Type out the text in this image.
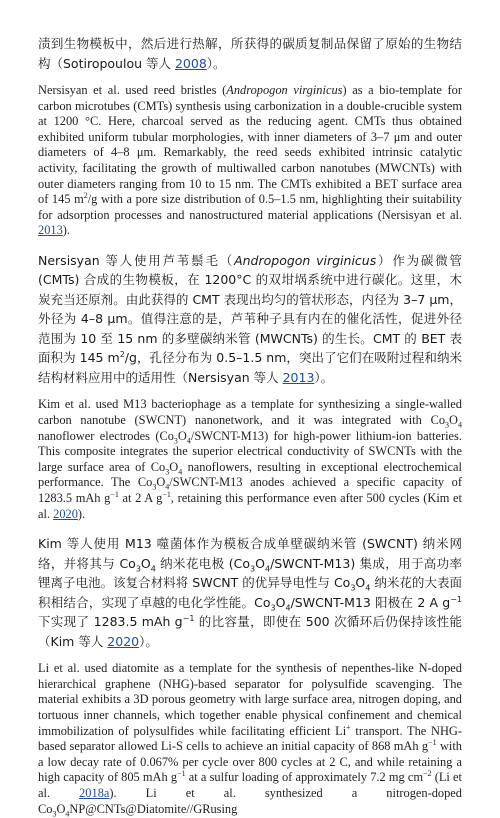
渍到生物模板中，然后进行热解，所获得的碳质复制品保留了原始的生物结构（Sotiropoulou 等人 2008）。

Nersisyan et al. used reed bristles (Andropogon virginicus) as a bio-template for carbon microtubes (CMTs) synthesis using carbonization in a double-crucible system at 1200 °C. Here, charcoal served as the reducing agent. CMTs thus obtained exhibited uniform tubular morphologies, with inner diameters of 3–7 μm and outer diameters of 4–8 μm. Remarkably, the reed seeds exhibited intrinsic catalytic activity, facilitating the growth of multiwalled carbon nanotubes (MWCNTs) with outer diameters ranging from 10 to 15 nm. The CMTs exhibited a BET surface area of 145 $m^2/g$ with a pore size distribution of 0.5–1.5 nm, highlighting their suitability for adsorption processes and nanostructured material applications (Nersisyan et al. 2013).

Nersisyan 等人使用芦苇鬃毛（Andropogon virginicus）作为碳微管 (CMTs) 合成的生物模板，在 1200°C 的双坩埚系统中进行碳化。这里，木炭充当还原剂。由此获得的 CMT 表现出均匀的管状形态，内径为 3–7 μm，外径为 4–8 μm。值得注意的是，芦苇种子具有内在的催化活性，促进外径范围为 10 至 15 nm 的多壁碳纳米管 (MWCNTs) 的生长。CMT 的 BET 表面积为 145 $m^2/g$，孔径分布为 0.5–1.5 nm，突出了它们在吸附过程和纳米结构材料应用中的适用性（Nersisyan 等人 2013）。

Kim et al. used M13 bacteriophage as a template for synthesizing a single-walled carbon nanotube (SWCNT) nanonetwork, and it was integrated with $Co_3O_4$ nanoflower electrodes $(Co_3O_4/SWCNT-M13)$ for high-power lithium-ion batteries. This composite integrates the superior electrical conductivity of SWCNTs with the large surface area of $Co_3O_4$ nanoflowers, resulting in exceptional electrochemical performance. The $Co_3O_4/SWCNT-M13$ anodes achieved a specific capacity of 1283.5 mAh $g^{-1}$ at 2 A $g^{-1}$, retaining this performance even after 500 cycles (Kim et al. 2020).

Kim 等人使用 M13 噬菌体作为模板合成单壁碳纳米管 (SWCNT) 纳米网络，并将其与 $Co_3O_4$ 纳米花电极 $(Co_3O_4/SWCNT-M13)$ 集成，用于高功率锂离子电池。该复合材料将 SWCNT 的优异导电性与 $Co_3O_4$ 纳米花的大表面积相结合，实现了卓越的电化学性能。$Co_3O_4/SWCNT-M13$ 阳极在 2 A $g^{-1}$ 下实现了 1283.5 mAh $g^{-1}$ 的比容量，即使在 500 次循环后仍保持该性能（Kim 等人 2020）。

Li et al. used diatomite as a template for the synthesis of nepenthes-like N-doped hierarchical graphene (NHG)-based separator for polysulfide scavenging. The material exhibits a 3D porous geometry with large surface area, nitrogen doping, and tortuous inner channels, which together enable physical confinement and chemical immobilization of polysulfides while facilitating efficient Li+ transport. The NHG-based separator allowed Li-S cells to achieve an initial capacity of 868 mAh $g^{-1}$ with a low decay rate of 0.067% per cycle over 800 cycles at 2 C, and while retaining a high capacity of 805 mAh $g^{-1}$ at a sulfur loading of approximately 7.2 mg $cm^{-2}$ (Li et al. 2018a). Li et al. synthesized a nitrogen-doped $Co_3O_4NP@CNTs@Diatomite/$/GRusing
